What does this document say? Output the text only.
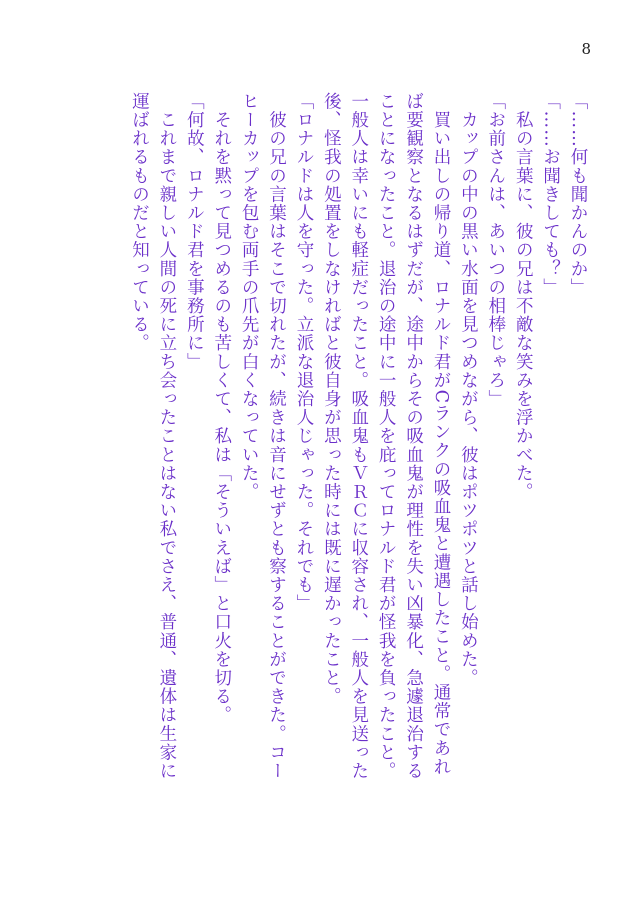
8
「……何も聞かんのか」
「……お聞きしても？」
　私の言葉に、彼の兄は不敵な笑みを浮かべた。
「お前さんは、あいつの相棒じゃろ」
　カップの中の黒い水面を見つめながら、彼はポツポツと話し始めた。
　買い出しの帰り道、ロナルド君がCランクの吸血鬼と遭遇したこと。通常であれ
ば要観察となるはずだが、途中からその吸血鬼が理性を失い凶暴化、急遽退治する
ことになったこと。退治の途中に一般人を庇ってロナルド君が怪我を負ったこと。
一般人は幸いにも軽症だったこと。吸血鬼もＶＲＣに収容され、一般人を見送った
後、怪我の処置をしなければと彼自身が思った時には既に遅かったこと。
「ロナルドは人を守った。立派な退治人じゃった。それでも」
　彼の兄の言葉はそこで切れたが、続きは音にせずとも察することができた。コー
ヒーカップを包む両手の爪先が白くなっていた。
　それを黙って見つめるのも苦しくて、私は「そういえば」と口火を切る。
「何故、ロナルド君を事務所に」
　これまで親しい人間の死に立ち会ったことはない私でさえ、普通、遺体は生家に
運ばれるものだと知っている。
